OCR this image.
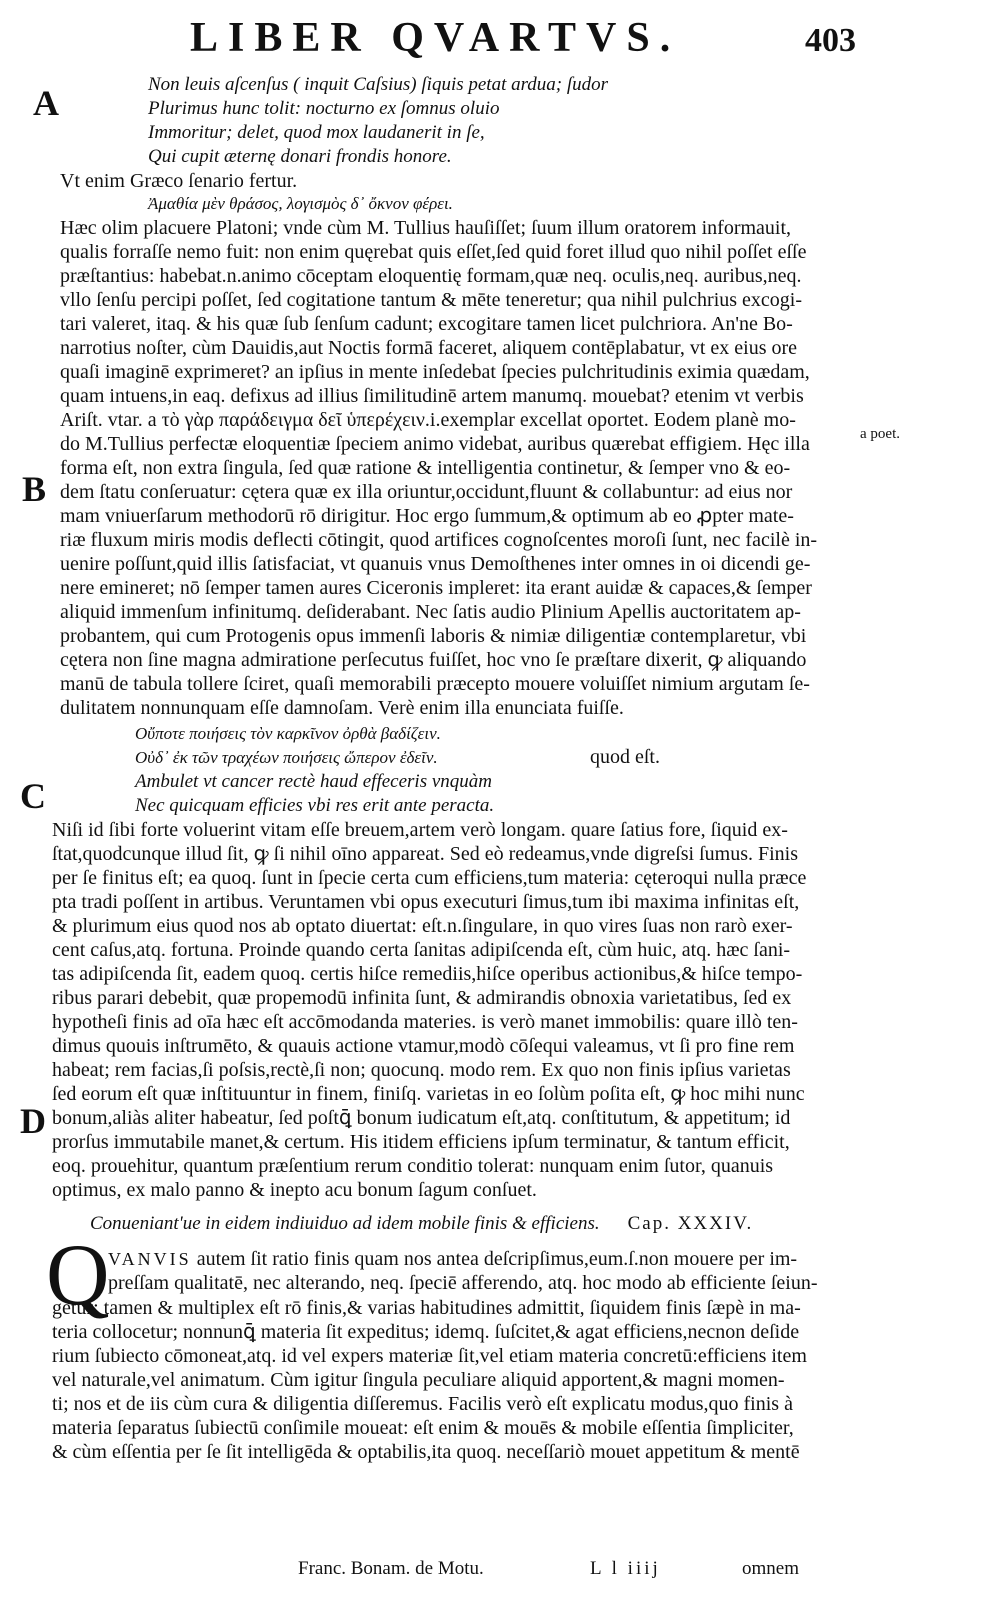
LIBER QVARTVS.	403
A
B
C
D
a poet.
Non leuis aſcenſus ( inquit Caſsius) ſiquis petat ardua; ſudor
Plurimus hunc tolit: nocturno ex ſomnus oluio
Immoritur; delet, quod mox laudanerit in ſe,
Qui cupit æternę donari frondis honore.
Vt enim Græco ſenario fertur.
Ἀμαθία μὲν θράσος, λογισμὸς δ᾽ ὄκνον φέρει.
Hæc olim placuere Platoni; vnde cùm M. Tullius hauſiſſet; ſuum illum oratorem informauit,
qualis forraſſe nemo fuit: non enim quęrebat quis eſſet,ſed quid foret illud quo nihil poſſet eſſe
præſtantius: habebat.n.animo cōceptam eloquentię formam,quæ neq. oculis,neq. auribus,neq.
vllo ſenſu percipi poſſet, ſed cogitatione tantum & mēte teneretur; qua nihil pulchrius excogi-
tari valeret, itaq. & his quæ ſub ſenſum cadunt; excogitare tamen licet pulchriora. An'ne Bo-
narrotius noſter, cùm Dauidis,aut Noctis formā faceret, aliquem contēplabatur, vt ex eius ore
quaſi imaginē exprimeret? an ipſius in mente inſedebat ſpecies pulchritudinis eximia quædam,
quam intuens,in eaq. defixus ad illius ſimilitudinē artem manumq. mouebat? etenim vt verbis
Ariſt. vtar. a τὸ γὰρ παράδειγμα δεῖ ὑπερέχειν.i.exemplar excellat oportet. Eodem planè mo-
do M.Tullius perfectæ eloquentiæ ſpeciem animo videbat, auribus quærebat effigiem. Hęc illa
forma eſt, non extra ſingula, ſed quæ ratione & intelligentia continetur, & ſemper vno & eo-
dem ſtatu conſeruatur: cętera quæ ex illa oriuntur,occidunt,fluunt & collabuntur: ad eius nor
mam vniuerſarum methodorū rō dirigitur. Hoc ergo ſummum,& optimum ab eo ꝓpter mate-
riæ fluxum miris modis deflecti cōtingit, quod artifices cognoſcentes moroſi ſunt, nec facilè in-
uenire poſſunt,quid illis ſatisfaciat, vt quanuis vnus Demoſthenes inter omnes in oi dicendi ge-
nere emineret; nō ſemper tamen aures Ciceronis impleret: ita erant auidæ & capaces,& ſemper
aliquid immenſum infinitumq. deſiderabant. Nec ſatis audio Plinium Apellis auctoritatem ap-
probantem, qui cum Protogenis opus immenſi laboris & nimiæ diligentiæ contemplaretur, vbi
cętera non ſine magna admiratione perſecutus fuiſſet, hoc vno ſe præſtare dixerit, ꝙ aliquando
manū de tabula tollere ſciret, quaſi memorabili præcepto mouere voluiſſet nimium argutam ſe-
dulitatem nonnunquam eſſe damnoſam. Verè enim illa enunciata fuiſſe.
Οὔποτε ποιήσεις τὸν καρκῖνον ὀρθὰ βαδίζειν.
Οὐδ᾽ ἐκ τῶν τραχέων ποιήσεις ὤπερον ἐδεῖν.	quod eſt.
Ambulet vt cancer rectè haud effeceris vnquàm
Nec quicquam efficies vbi res erit ante peracta.
Niſi id ſibi forte voluerint vitam eſſe breuem,artem verò longam. quare ſatius fore, ſiquid ex-
ſtat,quodcunque illud ſit, ꝙ ſi nihil oīno appareat. Sed eò redeamus,vnde digreſsi ſumus. Finis
per ſe finitus eſt; ea quoq. ſunt in ſpecie certa cum efficiens,tum materia: cęteroqui nulla præce
pta tradi poſſent in artibus. Veruntamen vbi opus executuri ſimus,tum ibi maxima infinitas eſt,
& plurimum eius quod nos ab optato diuertat: eſt.n.ſingulare, in quo vires ſuas non rarò exer-
cent caſus,atq. fortuna. Proinde quando certa ſanitas adipiſcenda eſt, cùm huic, atq. hæc ſani-
tas adipiſcenda ſit, eadem quoq. certis hiſce remediis,hiſce operibus actionibus,& hiſce tempo-
ribus parari debebit, quæ propemodū infinita ſunt, & admirandis obnoxia varietatibus, ſed ex
hypotheſi finis ad oīa hæc eſt accōmodanda materies. is verò manet immobilis: quare illò ten-
dimus quouis inſtrumēto, & quauis actione vtamur,modò cōſequi valeamus, vt ſi pro fine rem
habeat; rem facias,ſi poſsis,rectè,ſi non; quocunq. modo rem. Ex quo non finis ipſius varietas
ſed eorum eſt quæ inſtituuntur in finem, finiſq. varietas in eo ſolùm poſita eſt, ꝙ hoc mihi nunc
bonum,aliàs aliter habeatur, ſed poſtꝗ̄ bonum iudicatum eſt,atq. conſtitutum, & appetitum; id
prorſus immutabile manet,& certum. His itidem efficiens ipſum terminatur, & tantum efficit,
eoq. prouehitur, quantum præſentium rerum conditio tolerat: nunquam enim ſutor, quanuis
optimus, ex malo panno & inepto acu bonum ſagum conſuet.
Conueniant'ue in eidem indiuiduo ad idem mobile finis & efficiens. Cap. XXXIV.
Q
VANVIS autem ſit ratio finis quam nos antea deſcripſimus,eum.ſ.non mouere per im-
preſſam qualitatē, nec alterando, neq. ſpeciē afferendo, atq. hoc modo ab efficiente ſeiun-
getur: tamen & multiplex eſt rō finis,& varias habitudines admittit, ſiquidem finis ſæpè in ma-
teria collocetur; nonnunꝗ̄ materia ſit expeditus; idemq. ſuſcitet,& agat efficiens,necnon deſide
rium ſubiecto cōmoneat,atq. id vel expers materiæ ſit,vel etiam materia concretū:efficiens item
vel naturale,vel animatum. Cùm igitur ſingula peculiare aliquid apportent,& magni momen-
ti; nos et de iis cùm cura & diligentia diſſeremus. Facilis verò eſt explicatu modus,quo finis à
materia ſeparatus ſubiectū conſimile moueat: eſt enim & mouēs & mobile eſſentia ſimpliciter,
& cùm eſſentia per ſe ſit intelligēda & optabilis,ita quoq. neceſſariò mouet appetitum & mentē
Franc. Bonam. de Motu.	L l iiij	omnem
